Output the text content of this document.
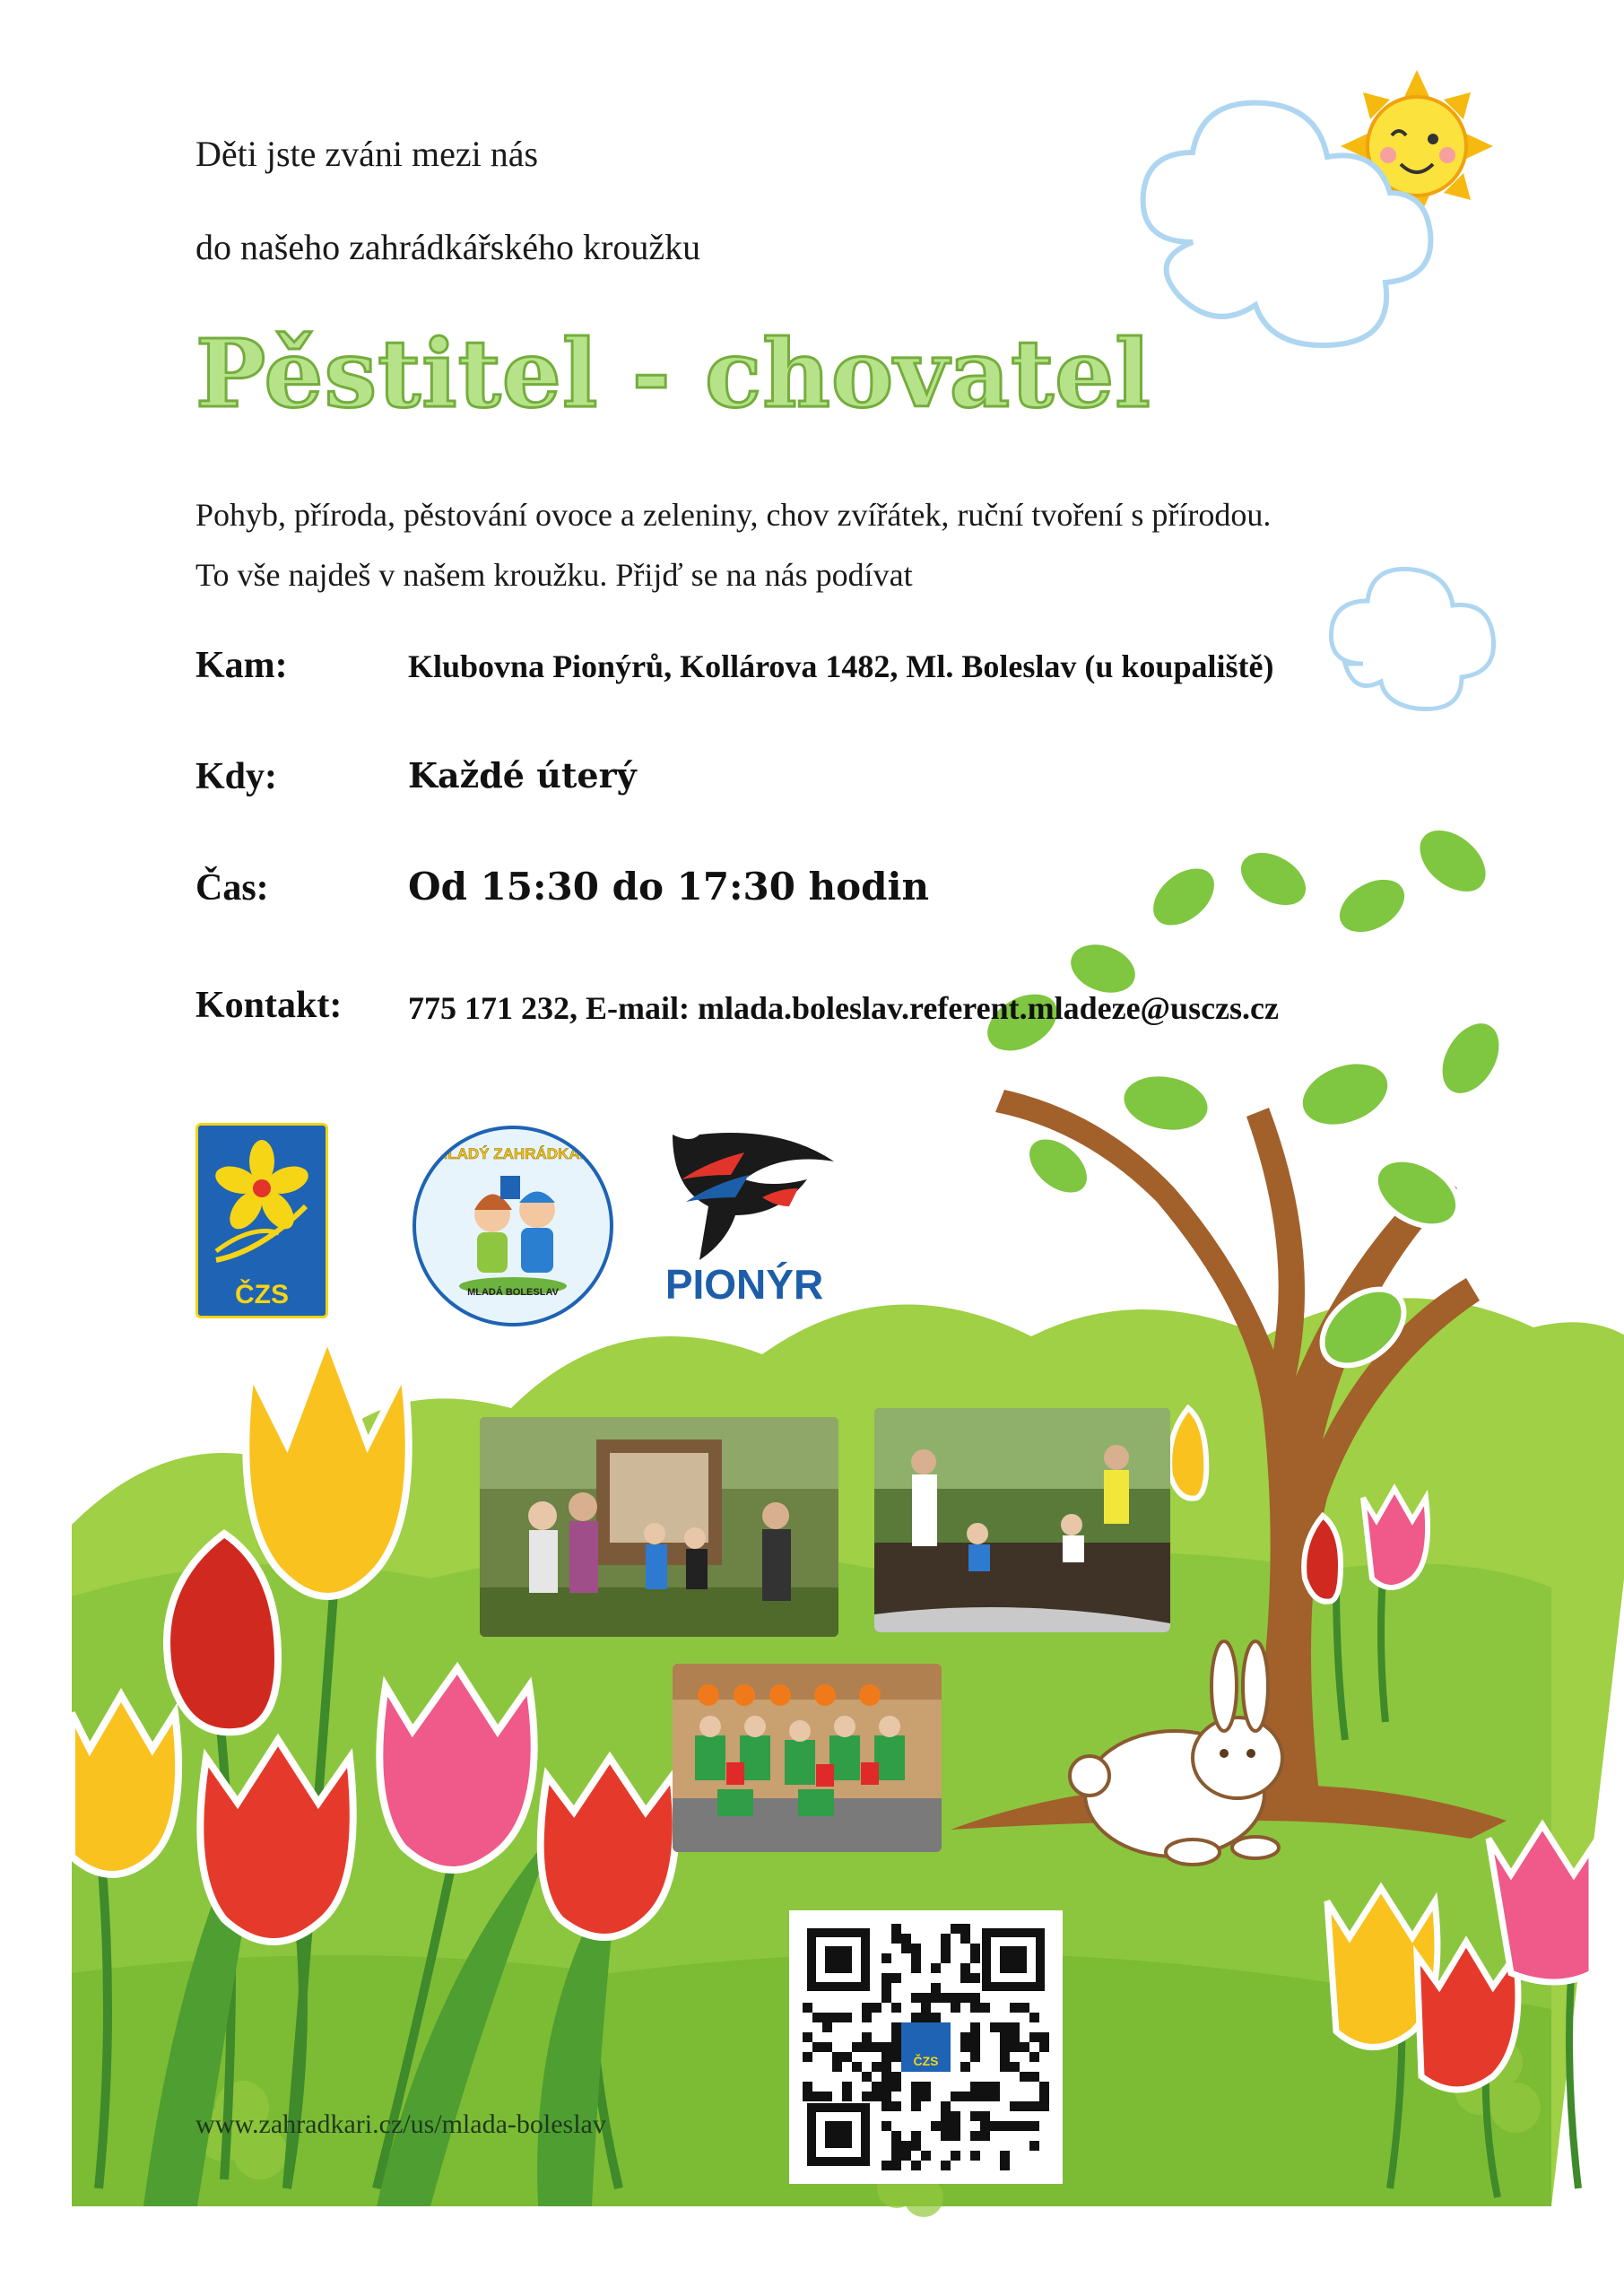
Děti jste zváni mezi nás
do našeho zahrádkářského kroužku
Pěstitel - chovatel
Pohyb, příroda, pěstování ovoce a zeleniny, chov zvířátek, ruční tvoření s přírodou.
To vše najdeš v našem kroužku. Přijď se na nás podívat
Kam:	Klubovna Pionýrů, Kollárova 1482, Ml. Boleslav (u koupaliště)
Kdy:	Každé úterý
Čas:	Od 15:30 do 17:30 hodin
Kontakt: 775 171 232, E-mail: mlada.boleslav.referent.mladeze@usczs.cz
ČZS
MLADÝ ZAHRÁDKÁŘ
MLADÁ BOLESLAV	PIONÝR
ČZS
www.zahradkari.cz/us/mlada-boleslav
